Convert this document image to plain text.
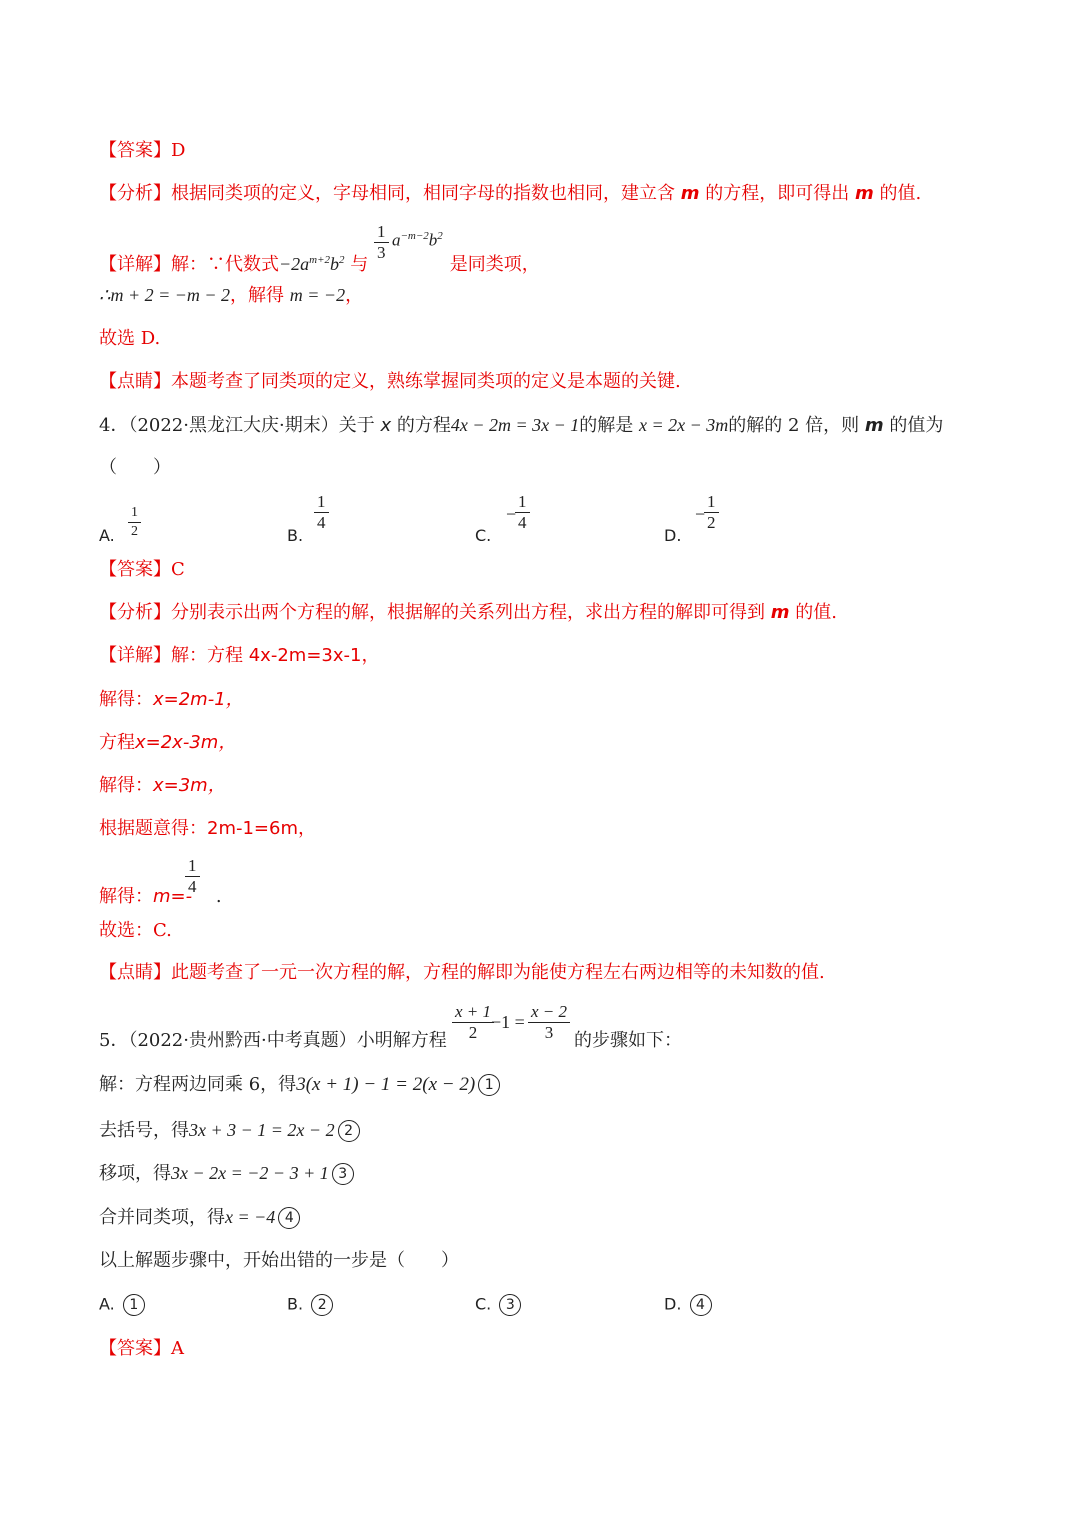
【答案】D
【分析】根据同类项的定义，字母相同，相同字母的指数也相同，建立含 m 的方程，即可得出 m 的值.
【详解】解：∵代数式$-2a^{m+2}b^2$ 与	是同类项，
$\frac{1}{3} a^{-m-2}b^2$
∴m + 2 = −m − 2，解得 m = −2，
故选 D.
【点睛】本题考查了同类项的定义，熟练掌握同类项的定义是本题的关键.
4．（2022·黑龙江大庆·期末）关于 x 的方程4x − 2m = 3x − 1的解是 x = 2x − 3m的解的 2 倍，则 m 的值为
（　　）
A. $\frac{1}{2}$	B.
$\frac{1}{4}$
C.
−
$\frac{1}{4}$
D.
−
$\frac{1}{2}$
【答案】C
【分析】分别表示出两个方程的解，根据解的关系列出方程，求出方程的解即可得到 m 的值.
【详解】解：方程 4x-2m=3x-1，
解得：x=2m-1，
方程x=2x-3m，
解得：x=3m，
根据题意得：2m-1=6m，
解得：m=- .
$\frac{1}{4}$
故选：C.
【点睛】此题考查了一元一次方程的解，方程的解即为能使方程左右两边相等的未知数的值.
5．（2022·贵州黔西·中考真题）小明解方程 $\frac{x + 1}{2}$
$-1 = \frac{x - 2}{3}$ 的步骤如下：
解：方程两边同乘 6，得3(x + 1) − 1 = 2(x − 2) 1
去括号，得3x + 3 − 1 = 2x − 2 2
移项，得3x − 2x = −2 − 3 + 1 3
合并同类项，得x = −4 4
以上解题步骤中，开始出错的一步是（　　）
A. 1	B. 2	C. 3	D. 4
【答案】A
